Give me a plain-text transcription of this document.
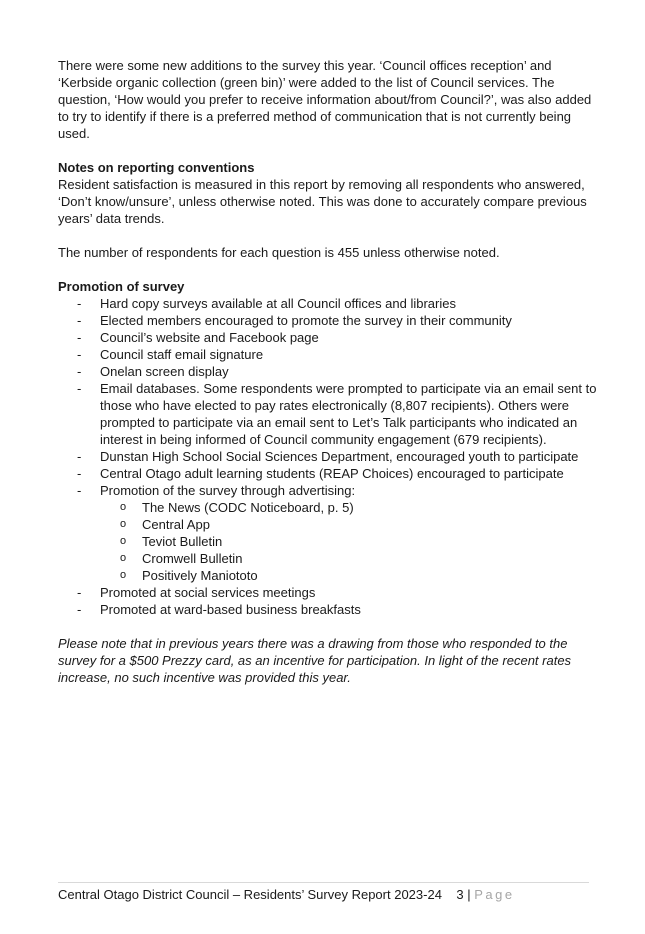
There were some new additions to the survey this year. ‘Council offices reception’ and ‘Kerbside organic collection (green bin)’ were added to the list of Council services. The question, ‘How would you prefer to receive information about/from Council?’, was also added to try to identify if there is a preferred method of communication that is not currently being used.

Notes on reporting conventions

Resident satisfaction is measured in this report by removing all respondents who answered, ‘Don’t know/unsure’, unless otherwise noted. This was done to accurately compare previous years’ data trends.

The number of respondents for each question is 455 unless otherwise noted.

Promotion of survey

- Hard copy surveys available at all Council offices and libraries
- Elected members encouraged to promote the survey in their community
- Council’s website and Facebook page
- Council staff email signature
- Onelan screen display
- Email databases. Some respondents were prompted to participate via an email sent to those who have elected to pay rates electronically (8,807 recipients). Others were prompted to participate via an email sent to Let’s Talk participants who indicated an interest in being informed of Council community engagement (679 recipients).
- Dunstan High School Social Sciences Department, encouraged youth to participate
- Central Otago adult learning students (REAP Choices) encouraged to participate
- Promotion of the survey through advertising:
o The News (CODC Noticeboard, p. 5)
o Central App
o Teviot Bulletin
o Cromwell Bulletin
o Positively Maniototo
- Promoted at social services meetings
- Promoted at ward-based business breakfasts

Please note that in previous years there was a drawing from those who responded to the survey for a $500 Prezzy card, as an incentive for participation. In light of the recent rates increase, no such incentive was provided this year.

Central Otago District Council – Residents’ Survey Report 2023-24 3 | Page
